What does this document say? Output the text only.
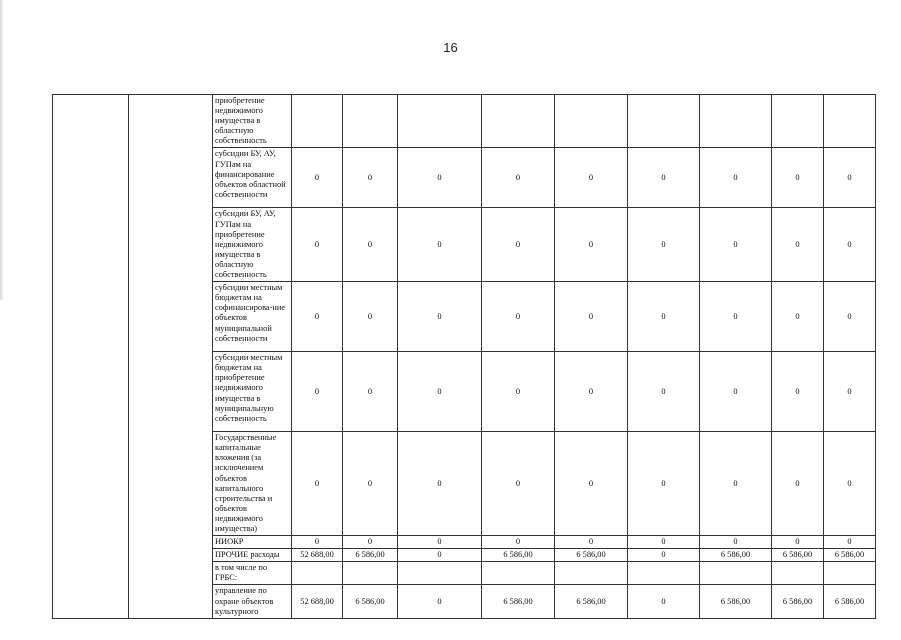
16
		приобретение недвижимого имущества в областную собственность									
		субсидии БУ, АУ, ГУПам на финансирование объектов областной собственности	0	0	0	0	0	0	0	0	0
		субсидии БУ, АУ, ГУПам на приобретение недвижимого имущества в областную собственность	0	0	0	0	0	0	0	0	0
		субсидии местным бюджетам на софинансирова-ние объектов муниципальной собственности	0	0	0	0	0	0	0	0	0
		субсидии местным бюджетам на приобретение недвижимого имущества в муниципальную собственность	0	0	0	0	0	0	0	0	0
		Государственные капитальные вложения (за исключением объектов капитального строительства и объектов недвижимого имущества)	0	0	0	0	0	0	0	0	0
		НИОКР	0	0	0	0	0	0	0	0	0
		ПРОЧИЕ расходы	52 688,00	6 586,00	0	6 586,00	6 586,00	0	6 586,00	6 586,00	6 586,00
		в том числе по ГРБС:									
		управление по охране объектов культурного	52 688,00	6 586,00	0	6 586,00	6 586,00	0	6 586,00	6 586,00	6 586,00
